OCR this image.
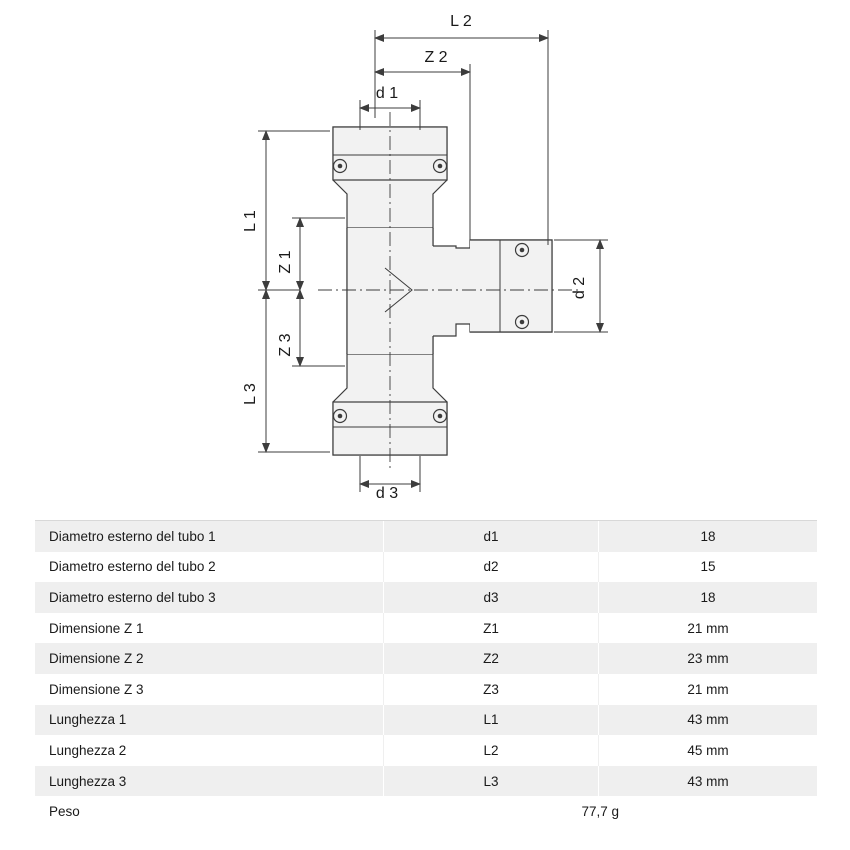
L 2
Z 2
d 1
L 1
L 3
Z 1
Z 3
d 2
d 3
Diametro esterno del tubo 1	d1	18
Diametro esterno del tubo 2	d2	15
Diametro esterno del tubo 3	d3	18
Dimensione Z 1	Z1	21 mm
Dimensione Z 2	Z2	23 mm
Dimensione Z 3	Z3	21 mm
Lunghezza 1	L1	43 mm
Lunghezza 2	L2	45 mm
Lunghezza 3	L3	43 mm
Peso	77,7 g	
